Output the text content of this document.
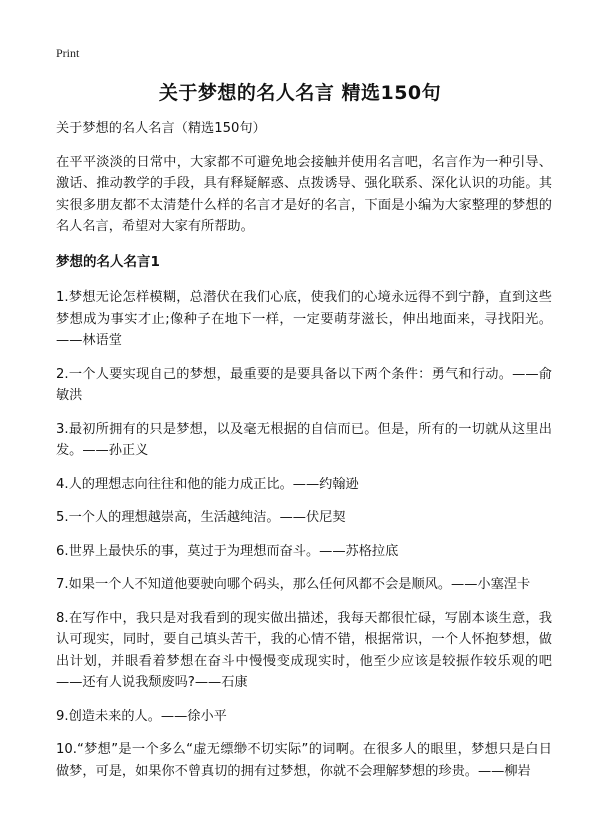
Print
关于梦想的名人名言 精选150句

关于梦想的名人名言（精选150句）

在平平淡淡的日常中，大家都不可避免地会接触并使用名言吧，名言作为一种引导、激话、推动教学的手段，具有释疑解惑、点拨诱导、强化联系、深化认识的功能。其实很多朋友都不太清楚什么样的名言才是好的名言，下面是小编为大家整理的梦想的名人名言，希望对大家有所帮助。

梦想的名人名言1

1.梦想无论怎样模糊，总潜伏在我们心底，使我们的心境永远得不到宁静，直到这些梦想成为事实才止;像种子在地下一样，一定要萌芽滋长，伸出地面来，寻找阳光。——林语堂

2.一个人要实现自己的梦想，最重要的是要具备以下两个条件：勇气和行动。——俞敏洪

3.最初所拥有的只是梦想，以及毫无根据的自信而已。但是，所有的一切就从这里出发。——孙正义

4.人的理想志向往往和他的能力成正比。——约翰逊

5.一个人的理想越崇高，生活越纯洁。——伏尼契

6.世界上最快乐的事，莫过于为理想而奋斗。——苏格拉底

7.如果一个人不知道他要驶向哪个码头，那么任何风都不会是顺风。——小塞涅卡

8.在写作中，我只是对我看到的现实做出描述，我每天都很忙碌，写剧本谈生意，我认可现实，同时，要自己填头苦干，我的心情不错，根据常识，一个人怀抱梦想，做出计划，并眼看着梦想在奋斗中慢慢变成现实时，他至少应该是较振作较乐观的吧——还有人说我颓废吗?——石康

9.创造未来的人。——徐小平

10.“梦想”是一个多么“虚无缥缈不切实际”的词啊。在很多人的眼里，梦想只是白日做梦，可是，如果你不曾真切的拥有过梦想，你就不会理解梦想的珍贵。——柳岩
